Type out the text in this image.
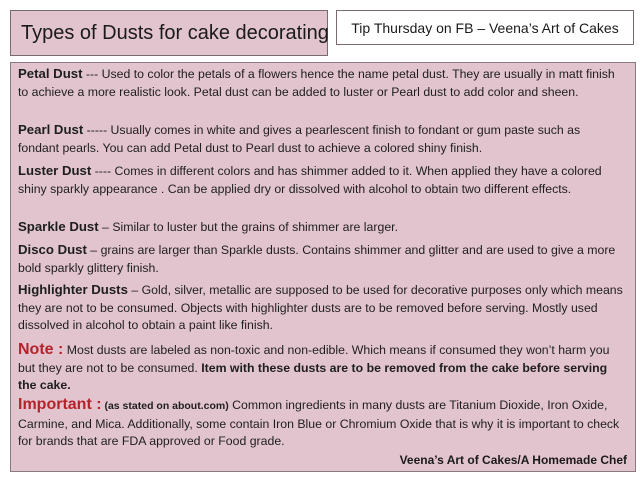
Types of Dusts for cake decorating Tip Thursday on FB – Veena’s Art of Cakes
Petal Dust --- Used to color the petals of a flowers hence the name petal dust. They are usually in matt finish to achieve a more realistic look. Petal dust can be added to luster or Pearl dust to add color and sheen.
Pearl Dust ----- Usually comes in white and gives a pearlescent finish to fondant or gum paste such as fondant pearls. You can add Petal dust to Pearl dust to achieve a colored shiny finish.
Luster Dust ---- Comes in different colors and has shimmer added to it. When applied they have a colored shiny sparkly appearance . Can be applied dry or dissolved with alcohol to obtain two different effects.
Sparkle Dust – Similar to luster but the grains of shimmer are larger.
Disco Dust – grains are larger than Sparkle dusts. Contains shimmer and glitter and are used to give a more bold sparkly glittery finish.
Highlighter Dusts – Gold, silver, metallic are supposed to be used for decorative purposes only which means they are not to be consumed. Objects with highlighter dusts are to be removed before serving. Mostly used dissolved in alcohol to obtain a paint like finish.
Note : Most dusts are labeled as non-toxic and non-edible. Which means if consumed they won’t harm you but they are not to be consumed. Item with these dusts are to be removed from the cake before serving the cake.
Important : (as stated on about.com) Common ingredients in many dusts are Titanium Dioxide, Iron Oxide, Carmine, and Mica. Additionally, some contain Iron Blue or Chromium Oxide that is why it is important to check for brands that are FDA approved or Food grade.
Veena’s Art of Cakes/A Homemade Chef
